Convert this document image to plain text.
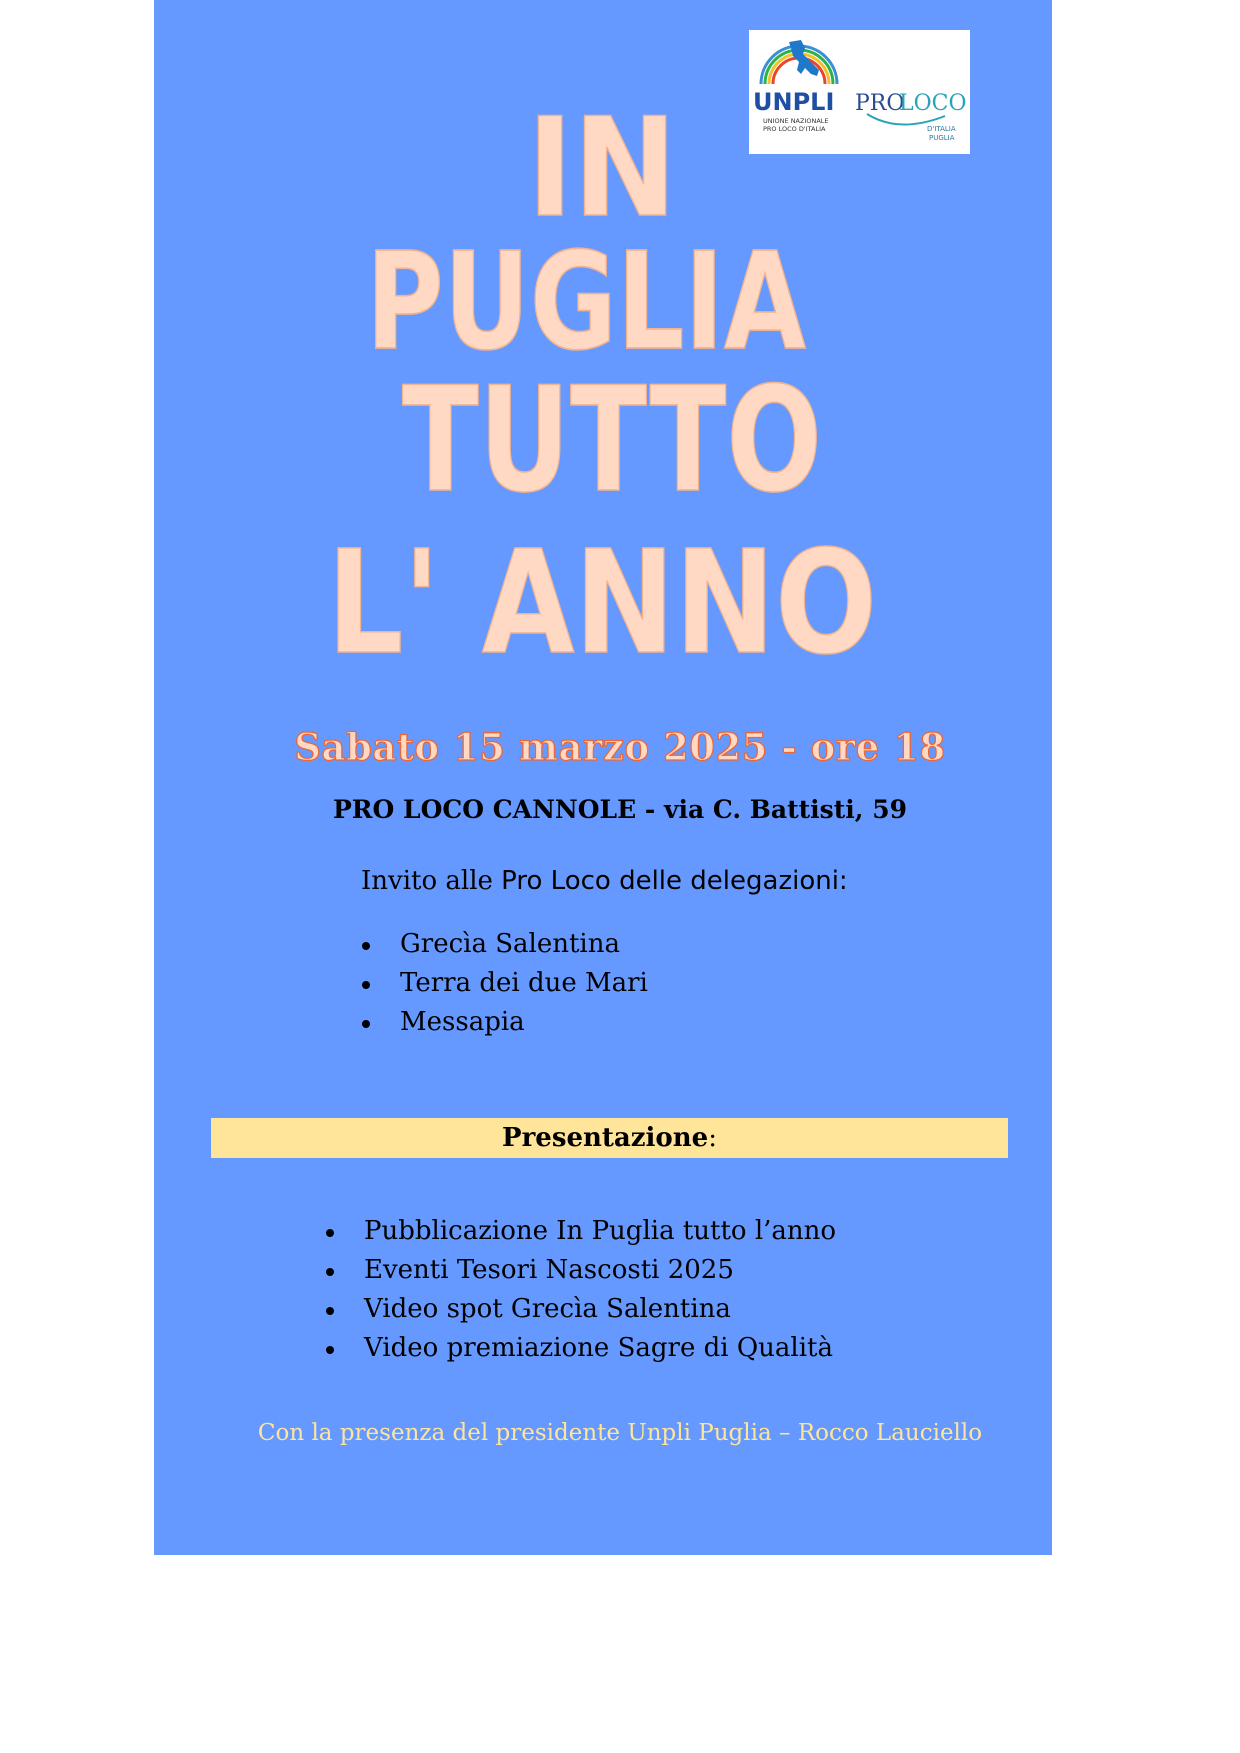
UNPLI
UNIONE NAZIONALE
PRO LOCO D'ITALIA
PRO
LOCO
D'ITALIA
PUGLIA
IN
PUGLIA
TUTTO
L' ANNO
Sabato 15 marzo 2025 - ore 18
PRO LOCO CANNOLE - via C. Battisti, 59
Invito alle Pro Loco delle delegazioni:
Grecìa Salentina
Terra dei due Mari
Messapia
Presentazione:
Pubblicazione In Puglia tutto l’anno
Eventi Tesori Nascosti 2025
Video spot Grecìa Salentina
Video premiazione Sagre di Qualità
Con la presenza del presidente Unpli Puglia – Rocco Lauciello
